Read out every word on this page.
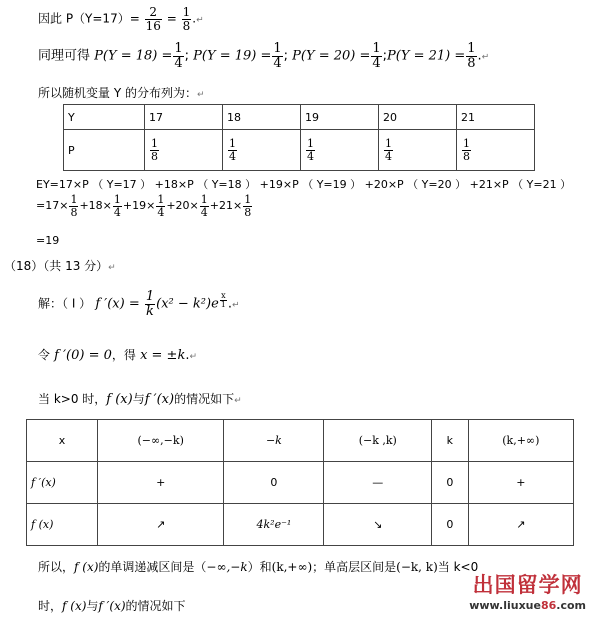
因此 $P(Y=17)= \frac{2}{16} = \frac{1}{8}$ .↵
同理可得 $P(Y = 18) = \frac{1}{4}$ ; $P(Y = 19) = \frac{1}{4}$ ; $P(Y = 20) = \frac{1}{4}$ ;P(Y = $21) = \frac{1}{8}$ .↵
所以随机变量 Y 的分布列为：↵
Y	17	18	19	20	21
P	$\frac{1}{8}$	$\frac{1}{4}$	$\frac{1}{4}$	$\frac{1}{4}$	$\frac{1}{8}$
EY=17×P （ Y=17 ） +18×P （ Y=18 ） +19×P （ Y=19 ） +20×P （ Y=20 ） +21×P （ Y=21 ）
$=17\times \frac{1}{8} +18\times \frac{1}{4} +19\times \frac{1}{4} +20\times \frac{1}{4} +21\times \frac{1}{8}$
=19
（18）（共 13 分）↵
解：（ I ） f $'(x) = \frac{1}{k} (x^2 - k^2)e$ $^{\frac{x}{1}}$ .↵
令 f ′(0) = 0，得 x = ±k.↵
当 k>0 时，f (x)与f ′(x)的情况如下↵
x	(−∞,−k)	−k	(−k ,k)	k	(k,+∞)
f ′(x)	+	0	—	0	+
f (x)	↗	4k²e⁻¹	↘	0	↗
所以，f (x)的单调递减区间是（−∞,−k）和(k,+∞)；单高层区间是(−k, k)当 k<0
时，f (x)与f ′(x)的情况如下
出国留学网
www.liuxue86.com
